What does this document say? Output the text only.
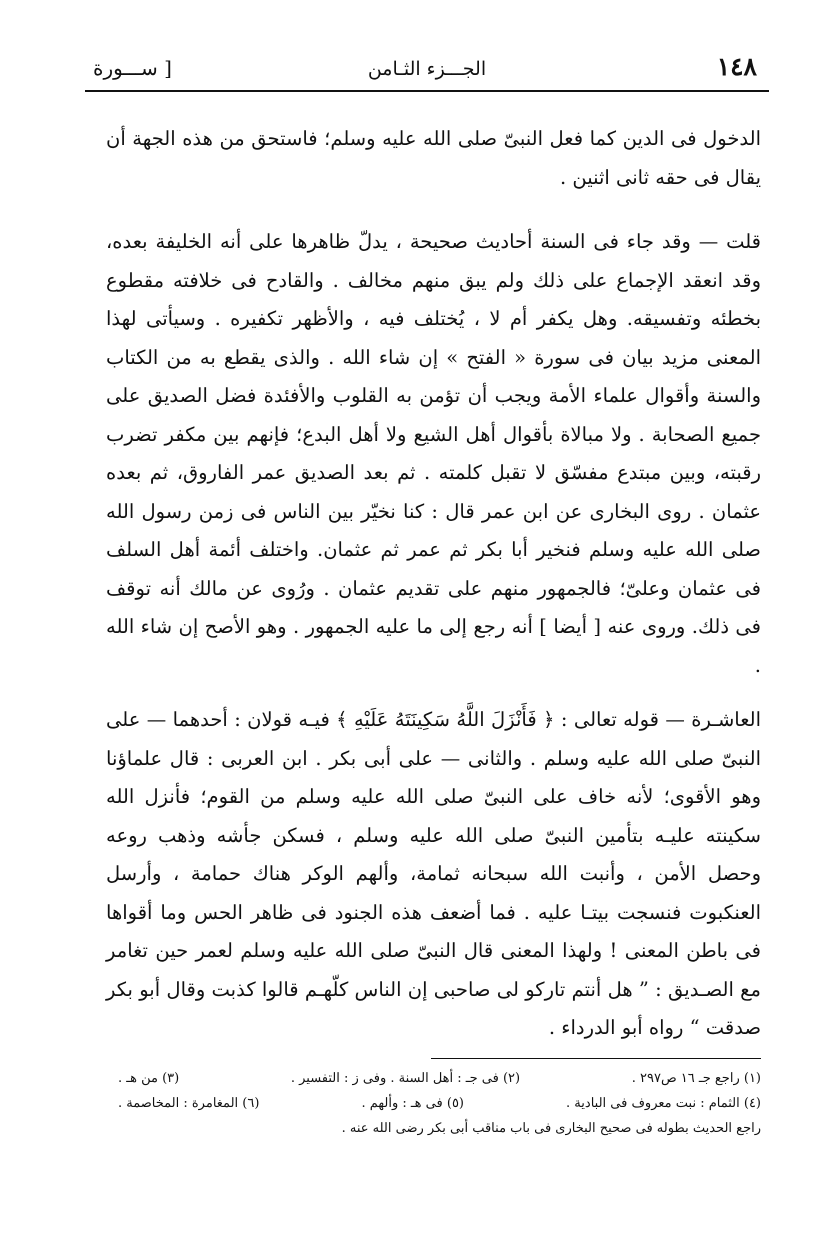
١٤٨
الجـــزء الثـامن
[ ســـورة

الدخول فى الدين كما فعل النبىّ صلى الله عليه وسلم؛ فاستحق من هذه الجهة أن يقال فى حقه ثانى اثنين .

قلت — وقد جاء فى السنة أحاديث صحيحة ، يدلّ ظاهرها على أنه الخليفة بعده، وقد انعقد الإجماع على ذلك ولم يبق منهم مخالف . والقادح فى خلافته مقطوع بخطئه وتفسيقه. وهل يكفر أم لا ، يُختلف فيه ، والأظهر تكفيره . وسيأتى لهذا المعنى مزيد بيان فى سورة « الفتح » إن شاء الله . والذى يقطع به من الكتاب والسنة وأقوال علماء الأمة ويجب أن تؤمن به القلوب والأفئدة فضل الصديق على جميع الصحابة . ولا مبالاة بأقوال أهل الشيع ولا أهل البدع؛ فإنهم بين مكفر تضرب رقبته، وبين مبتدع مفسّق لا تقبل كلمته . ثم بعد الصديق عمر الفاروق، ثم بعده عثمان . روى البخارى عن ابن عمر قال : كنا نخيّر بين الناس فى زمن رسول الله صلى الله عليه وسلم فنخير أبا بكر ثم عمر ثم عثمان. واختلف أئمة أهل السلف فى عثمان وعلىّ؛ فالجمهور منهم على تقديم عثمان . ورُوى عن مالك أنه توقف فى ذلك. وروى عنه [ أيضا ] أنه رجع إلى ما عليه الجمهور . وهو الأصح إن شاء الله .

العاشـرة — قوله تعالى : ﴿ فَأَنْزَلَ اللَّهُ سَكِينَتَهُ عَلَيْهِ ﴾ فيـه قولان : أحدهما — على النبىّ صلى الله عليه وسلم . والثانى — على أبى بكر . ابن العربى : قال علماؤنا وهو الأقوى؛ لأنه خاف على النبىّ صلى الله عليه وسلم من القوم؛ فأنزل الله سكينته عليـه بتأمين النبىّ صلى الله عليه وسلم ، فسكن جأشه وذهب روعه وحصل الأمن ، وأنبت الله سبحانه ثمامة، وألهم الوكر هناك حمامة ، وأرسل العنكبوت فنسجت بيتـا عليه . فما أضعف هذه الجنود فى ظاهر الحس وما أقواها فى باطن المعنى ! ولهذا المعنى قال النبىّ صلى الله عليه وسلم لعمر حين تغامر مع الصـديق : ” هل أنتم تاركو لى صاحبى إن الناس كلّهـم قالوا كذبت وقال أبو بكر صدقت “ رواه أبو الدرداء .

(١) راجع جـ ١٦ ص٢٩٧ .
(٢) فى جـ : أهل السنة . وفى ز : التفسير .
(٣) من هـ .
(٤) الثمام : نبت معروف فى البادية .
(٥) فى هـ : وألهم .
(٦) المغامرة : المخاصمة .
راجع الحديث بطوله فى صحيح البخارى فى باب مناقب أبى بكر رضى الله عنه .
